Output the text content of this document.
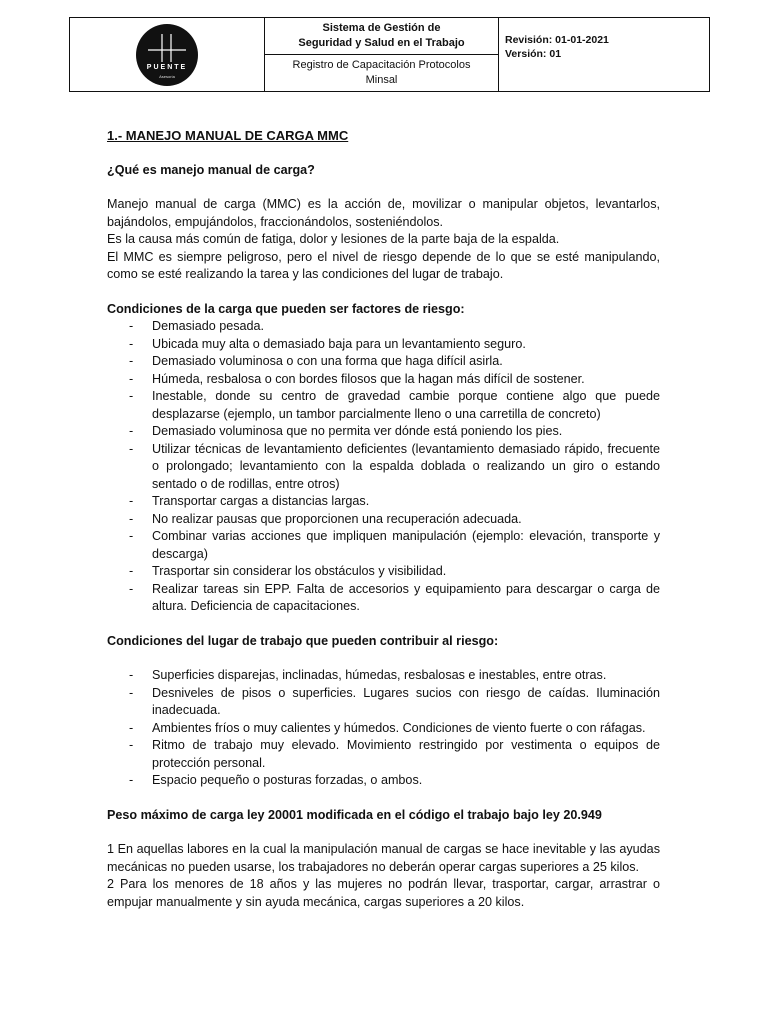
PUENTE
Asesoría
Sistema de Gestión de
Seguridad y Salud en el Trabajo
Registro de Capacitación Protocolos
Minsal
Revisión: 01-01-2021
Versión: 01
1.- MANEJO MANUAL DE CARGA MMC
¿Qué es manejo manual de carga?

Manejo manual de carga (MMC) es la acción de, movilizar o manipular objetos, levantarlos, bajándolos, empujándolos, fraccionándolos, sosteniéndolos.

Es la causa más común de fatiga, dolor y lesiones de la parte baja de la espalda.

El MMC es siempre peligroso, pero el nivel de riesgo depende de lo que se esté manipulando, como se esté realizando la tarea y las condiciones del lugar de trabajo.

Condiciones de la carga que pueden ser factores de riesgo:
- Demasiado pesada.
- Ubicada muy alta o demasiado baja para un levantamiento seguro.
- Demasiado voluminosa o con una forma que haga difícil asirla.
- Húmeda, resbalosa o con bordes filosos que la hagan más difícil de sostener.
- Inestable, donde su centro de gravedad cambie porque contiene algo que puede desplazarse (ejemplo, un tambor parcialmente lleno o una carretilla de concreto)
- Demasiado voluminosa que no permita ver dónde está poniendo los pies.
- Utilizar técnicas de levantamiento deficientes (levantamiento demasiado rápido, frecuente o prolongado; levantamiento con la espalda doblada o realizando un giro o estando sentado o de rodillas, entre otros)
- Transportar cargas a distancias largas.
- No realizar pausas que proporcionen una recuperación adecuada.
- Combinar varias acciones que impliquen manipulación (ejemplo: elevación, transporte y descarga)
- Trasportar sin considerar los obstáculos y visibilidad.
- Realizar tareas sin EPP. Falta de accesorios y equipamiento para descargar o carga de altura. Deficiencia de capacitaciones.
Condiciones del lugar de trabajo que pueden contribuir al riesgo:
- Superficies disparejas, inclinadas, húmedas, resbalosas e inestables, entre otras.
- Desniveles de pisos o superficies. Lugares sucios con riesgo de caídas. Iluminación inadecuada.
- Ambientes fríos o muy calientes y húmedos. Condiciones de viento fuerte o con ráfagas.
- Ritmo de trabajo muy elevado. Movimiento restringido por vestimenta o equipos de protección personal.
- Espacio pequeño o posturas forzadas, o ambos.
Peso máximo de carga ley 20001 modificada en el código el trabajo bajo ley 20.949

1 En aquellas labores en la cual la manipulación manual de cargas se hace inevitable y las ayudas mecánicas no pueden usarse, los trabajadores no deberán operar cargas superiores a 25 kilos.

2 Para los menores de 18 años y las mujeres no podrán llevar, trasportar, cargar, arrastrar o empujar manualmente y sin ayuda mecánica, cargas superiores a 20 kilos.
